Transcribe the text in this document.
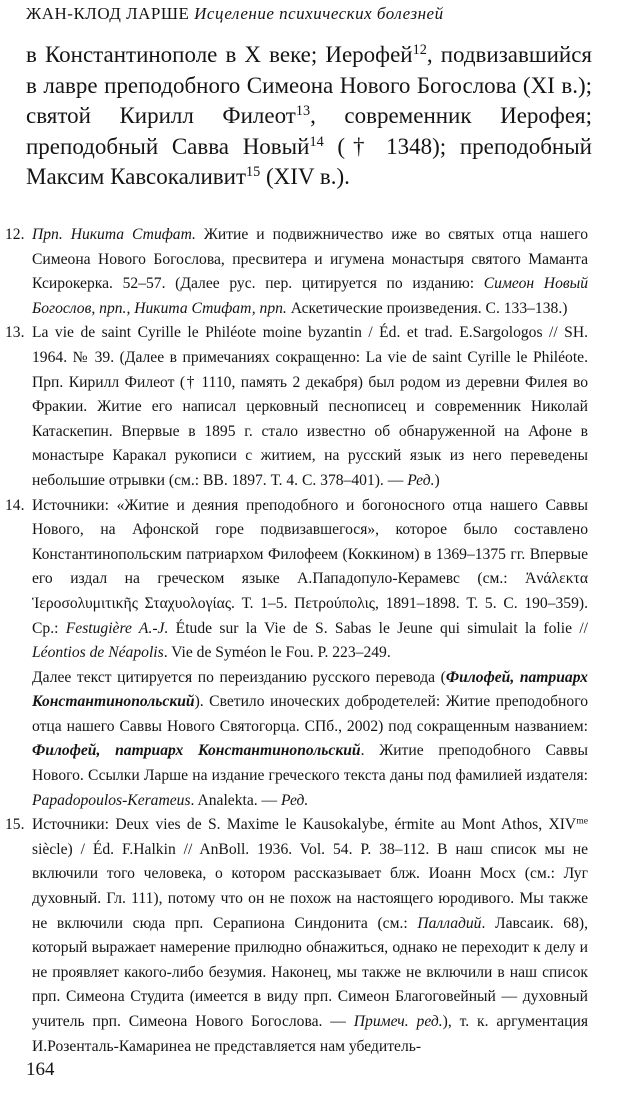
ЖАН-КЛОД ЛАРШЕ Исцеление психических болезней

в Константинополе в X веке; Иерофей$^{12}$, подвизавшийся в лавре преподобного Симеона Нового Богослова (XI в.); святой Кирилл Филеот$^{13}$, современник Иерофея; преподобный Савва Новый$^{14}$ († 1348); преподобный Максим Кавсокаливит$^{15}$ (XIV в.).

12. Прп. Никита Стифат. Житие и подвижничество иже во святых отца нашего Симеона Нового Богослова, пресвитера и игумена монастыря святого Маманта Ксирокерка. 52–57. (Далее рус. пер. цитируется по изданию: Симеон Новый Богослов, прп., Никита Стифат, прп. Аскетические произведения. С. 133–138.)

13. La vie de saint Cyrille le Philéote moine byzantin / Éd. et trad. E.Sargologos // SH. 1964. № 39. (Далее в примечаниях сокращенно: La vie de saint Cyrille le Philéote. Прп. Кирилл Филеот († 1110, память 2 декабря) был родом из деревни Филея во Фракии. Житие его написал церковный песнописец и современник Николай Катаскепин. Впервые в 1895 г. стало известно об обнаруженной на Афоне в монастыре Каракал рукописи с житием, на русский язык из него переведены небольшие отрывки (см.: ВВ. 1897. Т. 4. С. 378–401). — Ред.)

14. Источники: «Житие и деяния преподобного и богоносного отца нашего Саввы Нового, на Афонской горе подвизавшегося», которое было составлено Константинопольским патриархом Филофеем (Коккином) в 1369–1375 гг. Впервые его издал на греческом языке А.Пападопуло-Керамевс (см.: Ἀνάλεκτα Ἱεροσολυμιτικῆς Σταχυολογίας. Т. 1–5. Πετρούπολις, 1891–1898. Т. 5. С. 190–359). Ср.: Festugière A.-J. Étude sur la Vie de S. Sabas le Jeune qui simulait la folie // Léontios de Néapolis. Vie de Syméon le Fou. P. 223–249.

Далее текст цитируется по переизданию русского перевода (Филофей, патриарх Константинопольский). Светило иноческих добродетелей: Житие преподобного отца нашего Саввы Нового Святогорца. СПб., 2002) под сокращенным названием: Филофей, патриарх Константинопольский. Житие преподобного Саввы Нового. Ссылки Ларше на издание греческого текста даны под фамилией издателя: Papadopoulos-Kerameus. Analekta. — Ред.

15. Источники: Deux vies de S. Maxime le Kausokalybe, érmite au Mont Athos, $XIV^{me}$ siècle) / Éd. F.Halkin // AnBoll. 1936. Vol. 54. P. 38–112. В наш список мы не включили того человека, о котором рассказывает блж. Иоанн Мосх (см.: Луг духовный. Гл. 111), потому что он не похож на настоящего юродивого. Мы также не включили сюда прп. Серапиона Синдонита (см.: Палладий. Лавсаик. 68), который выражает намерение прилюдно обнажиться, однако не переходит к делу и не проявляет какого-либо безумия. Наконец, мы также не включили в наш список прп. Симеона Студита (имеется в виду прп. Симеон Благоговейный — духовный учитель прп. Симеона Нового Богослова. — Примеч. ред.), т. к. аргументация И.Розенталь-Камаринеа не представляется нам убедитель-

164
